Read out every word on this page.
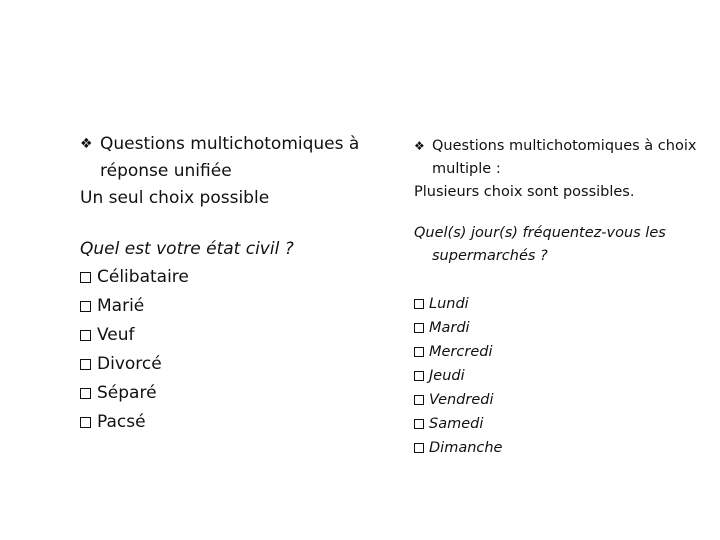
❖ Questions multichotomiques à
réponse unifiée
Un seul choix possible
Quel est votre état civil ?
Célibataire
Marié
Veuf
Divorcé
Séparé
Pacsé
❖ Questions multichotomiques à choix
multiple :
Plusieurs choix sont possibles.
Quel(s) jour(s) fréquentez-vous les
supermarchés ?
Lundi
Mardi
Mercredi
Jeudi
Vendredi
Samedi
Dimanche
